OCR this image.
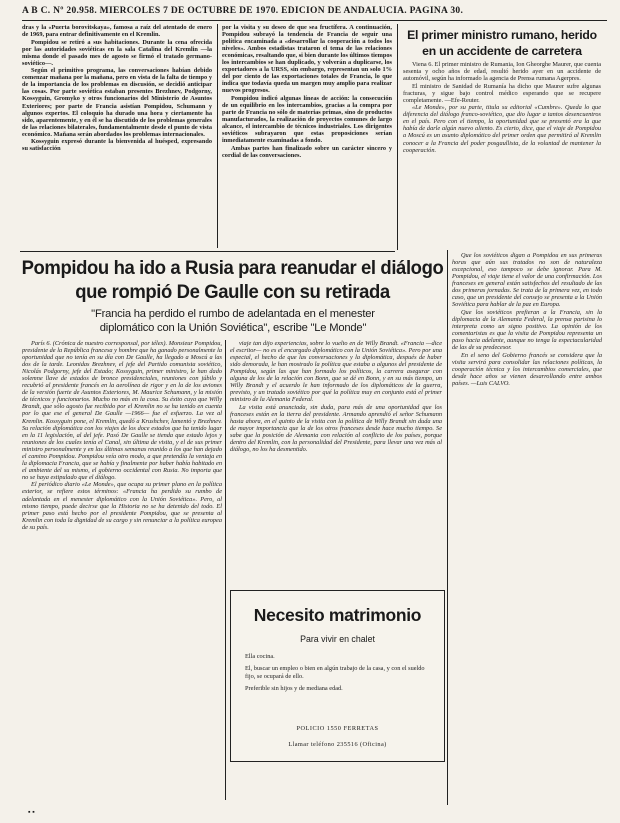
A B C. Nº 20.958. MIERCOLES 7 DE OCTUBRE DE 1970. EDICION DE ANDALUCIA. PAGINA 30.

dras y la «Puerta borovitskaya», famosa a raíz del atentado de enero de 1969, para entrar definitivamente en el Kremlin.

Pompidou se retiró a sus habitaciones. Durante la cena ofrecida por las autoridades soviéticas en la sala Catalina del Kremlin —la misma donde el pasado mes de agosto se firmó el tratado germano-soviético—.

Según el primitivo programa, las conversaciones habían debido comenzar mañana por la mañana, pero en vista de la falta de tiempo y de la importancia de los problemas en discusión, se decidió anticipar las cosas. Por parte soviética estaban presentes Brezhnev, Podgorny, Kossyguin, Gromyko y otros funcionarios del Ministerio de Asuntos Exteriores; por parte de Francia asistían Pompidou, Schumann y algunos expertos. El coloquio ha durado una hora y ciertamente ha sido, aparentemente, y en él se ha discutido de los problemas generales de las relaciones bilaterales, fundamentalmente desde el punto de vista económico. Mañana serán abordados los problemas internacionales.

Kossyguin expresó durante la bienvenida al huésped, expresando su satisfacción

por la visita y su deseo de que sea fructífera. A continuación, Pompidou subrayó la tendencia de Francia de seguir una política encaminada a «desarrollar la cooperación a todos los niveles». Ambos estadistas trataron el tema de las relaciones económicas, resaltando que, si bien durante los últimos tiempos los intercambios se han duplicado, y volverán a duplicarse, los exportadores a la URSS, sin embargo, representan un solo 1% del por ciento de las exportaciones totales de Francia, lo que indica que todavía queda un margen muy amplio para realizar nuevos progresos.

Pompidou indicó algunas líneas de acción: la consecución de un equilibrio en los intercambios, gracias a la compra por parte de Francia no sólo de materias primas, sino de productos manufacturados, la realización de proyectos comunes de largo alcance, el intercambio de técnicos industriales. Los dirigentes soviéticos subrayaron que estas proposiciones serían inmediatamente examinadas a fondo.

Ambas partes han finalizado sobre un carácter sincero y cordial de las conversaciones.

Pompidou ha ido a Rusia para reanudar el diálogo
que rompió De Gaulle con su retirada
"Francia ha perdido el rumbo de adelantada en el menester
diplomático con la Unión Soviética", escribe "Le Monde"

París 6. (Crónica de nuestro corresponsal, por télex). Monsieur Pompidou, presidente de la República francesa y hombre que ha ganado personalmente la oportunidad que no tenía en su día con De Gaulle, ha llegado a Moscú a las dos de la tarde. Leonidas Brezhnev, el jefe del Partido comunista soviético, Nicolás Podgorny, jefe del Estado; Kossyguin, primer ministro, le han dado solemne llave de estados de bronce presidenciales, reuniones con júbilo y recubrió al presidente francés en la aerolínea de rigor y en la de los aviones de la versión fuerte de Asuntos Exteriores, M. Maurice Schumann, y la misión de técnicos y funcionarios. Mucho no más en la cosa. Su éxito cuya que Willy Brandt, que sólo agosto fue recibido por el Kremlin no se ha tenido en cuenta por lo que ese el general De Gaulle —1966— fue el esfuerzo. La vez al Kremlin. Kossyguin pone, el Kremlin, quedó a Krushchev, lamentó y Brezhnev. Su relación diplomática con los viajes de los doce estados que ha tenido lugar en la 11 legislación, al del jefe. Pasó De Gaulle se tienda que estado lejos y reuniones de los cuales tenía el Canal, sin última de visita, y el de sus primer ministro personalmente y en las últimas semanas reunido a los que han dejado el camino Pompidou. Pompidou veía otro modo, a que pretendía la ventaja en la diplomacia Francia, que se había y finalmente por haber había habitado en el ambiente del su mismo, el gobierno occidental con Rusia. No importa que no se haya estipulado que el diálogo.

El periódico diario «Le Monde», que ocupa su primer plano en la política exterior, se refiere estos términos: «Francia ha perdido su rumbo de adelantada en el menester diplomático con la Unión Soviética». Pero, al mismo tiempo, puede decirse que la Historia no se ha detenido del todo. El primer paso está hecho por el presidente Pompidou, que se presenta al Kremlin con toda la dignidad de su cargo y sin renunciar a la política europea de su país.

viaje tan dijo experiencias, sobre lo vuelto en de Willy Brandt. «Francia —dice el escritor— no es el encargado diplomático con la Unión Soviética». Pero por una especial, el hecho de que las conversaciones y la diplomática, después de haber sido demorada, le han mostrado la política que estaba a algunos del presidente de Pompidou, según las que han formado los políticos, la carrera asegurar con alguna de los de la relación con Bonn, que se dé en Bonn, y en su más tiempo, un Willy Brandt y el acuerdo le han informado de los diplomáticos de la guerra, previsto, y un tratado soviético por qué la política muy en conjunto está el primer ministro de la Alemania Federal.

La visita está anunciada, sin duda, para más de una oportunidad que los franceses están en la tierra del presidente. Armando aprendió el señor Schumann hasta ahora, en el quinto de la visita con la política de Willy Brandt sin duda una de mayor importancia que la de los otros franceses desde hace mucho tiempo. Se sabe que la posición de Alemania con relación al conflicto de los países, porque dentro del Kremlin, con la personalidad del Presidente, para llevar una vez más al diálogo, no los ha desmentido.

Necesito matrimonio
Para vivir en chalet
Ella cocina.
El, buscar un empleo o bien en algún trabajo de la casa, y con el sueldo fijo, se ocupará de ello.
Preferible sin hijos y de mediana edad.
POLICIO 1550 FERRETAS
Llamar teléfono 235516 (Oficina)
El primer ministro rumano, herido
en un accidente de carretera

Viena 6. El primer ministro de Rumania, Ion Gheorghe Maurer, que cuenta sesenta y ocho años de edad, resultó herido ayer en un accidente de automóvil, según ha informado la agencia de Prensa rumana Agerpres.

El ministro de Sanidad de Rumanía ha dicho que Maurer sufre algunas fracturas, y sigue bajo control médico esperando que se recupere completamente. —Efe-Reuter.

«Le Monde», por su parte, titula su editorial «Cumbre». Queda lo que diferencia del diálogo franco-soviético, que dio lugar a tantos desencuentros en el país. Pero con el tiempo, la oportunidad que se presentó era la que había de darle algún nuevo aliento. Es cierto, dice, que el viaje de Pompidou a Moscú es un asunto diplomático del primer orden que permitirá al Kremlin conocer a la Francia del poder posgaullista, de la voluntad de mantener la cooperación.

Que los soviéticos digan a Pompidou en sus primeras horas que aún sus tratados no son de naturaleza excepcional, eso tampoco se debe ignorar. Para M. Pompidou, el viaje tiene el valor de una confirmación. Los franceses en general están satisfechos del resultado de las dos primeras jornadas. Se trata de la primera vez, en todo caso, que un presidente del consejo se presenta a la Unión Soviética para hablar de la paz en Europa.

Que los soviéticos prefieran a la Francia, sin la diplomacia de la Alemania Federal, la prensa parisina lo interpreta como un signo positivo. La opinión de los comentaristas es que la visita de Pompidou representa un paso hacia adelante, aunque no tenga la espectacularidad de las de su predecesor.

En el seno del Gobierno francés se considera que la visita servirá para consolidar las relaciones políticas, la cooperación técnica y los intercambios comerciales, que desde hace años se vienen desarrollando entre ambos países. —Luis CALVO.

▪ ▪
